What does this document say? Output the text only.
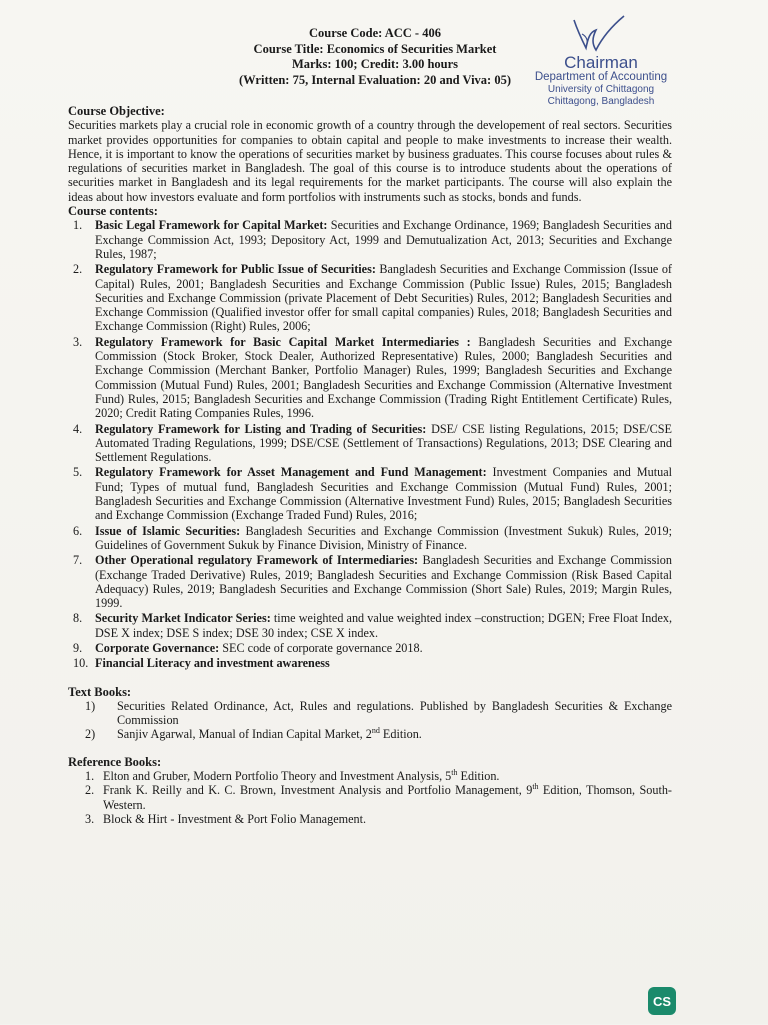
Course Code: ACC - 406
Course Title: Economics of Securities Market
Marks: 100; Credit: 3.00 hours
(Written: 75, Internal Evaluation: 20 and Viva: 05)
Chairman
Department of Accounting
University of Chittagong
Chittagong, Bangladesh
Course Objective:

Securities markets play a crucial role in economic growth of a country through the developement of real sectors. Securities market provides opportunities for companies to obtain capital and people to make investments to increase their wealth. Hence, it is important to know the operations of securities market by business graduates. This course focuses about rules & regulations of securities market in Bangladesh. The goal of this course is to introduce students about the operations of securities market in Bangladesh and its legal requirements for the market participants. The course will also explain the ideas about how investors evaluate and form portfolios with instruments such as stocks, bonds and funds.

Course contents:
1. Basic Legal Framework for Capital Market: Securities and Exchange Ordinance, 1969; Bangladesh Securities and Exchange Commission Act, 1993; Depository Act, 1999 and Demutualization Act, 2013; Securities and Exchange Rules, 1987;
2. Regulatory Framework for Public Issue of Securities: Bangladesh Securities and Exchange Commission (Issue of Capital) Rules, 2001; Bangladesh Securities and Exchange Commission (Public Issue) Rules, 2015; Bangladesh Securities and Exchange Commission (private Placement of Debt Securities) Rules, 2012; Bangladesh Securities and Exchange Commission (Qualified investor offer for small capital companies) Rules, 2018; Bangladesh Securities and Exchange Commission (Right) Rules, 2006;
3. Regulatory Framework for Basic Capital Market Intermediaries : Bangladesh Securities and Exchange Commission (Stock Broker, Stock Dealer, Authorized Representative) Rules, 2000; Bangladesh Securities and Exchange Commission (Merchant Banker, Portfolio Manager) Rules, 1999; Bangladesh Securities and Exchange Commission (Mutual Fund) Rules, 2001; Bangladesh Securities and Exchange Commission (Alternative Investment Fund) Rules, 2015; Bangladesh Securities and Exchange Commission (Trading Right Entitlement Certificate) Rules, 2020; Credit Rating Companies Rules, 1996.
4. Regulatory Framework for Listing and Trading of Securities: DSE/ CSE listing Regulations, 2015; DSE/CSE Automated Trading Regulations, 1999; DSE/CSE (Settlement of Transactions) Regulations, 2013; DSE Clearing and Settlement Regulations.
5. Regulatory Framework for Asset Management and Fund Management: Investment Companies and Mutual Fund; Types of mutual fund, Bangladesh Securities and Exchange Commission (Mutual Fund) Rules, 2001; Bangladesh Securities and Exchange Commission (Alternative Investment Fund) Rules, 2015; Bangladesh Securities and Exchange Commission (Exchange Traded Fund) Rules, 2016;
6. Issue of Islamic Securities: Bangladesh Securities and Exchange Commission (Investment Sukuk) Rules, 2019; Guidelines of Government Sukuk by Finance Division, Ministry of Finance.
7. Other Operational regulatory Framework of Intermediaries: Bangladesh Securities and Exchange Commission (Exchange Traded Derivative) Rules, 2019; Bangladesh Securities and Exchange Commission (Risk Based Capital Adequacy) Rules, 2019; Bangladesh Securities and Exchange Commission (Short Sale) Rules, 2019; Margin Rules, 1999.
8. Security Market Indicator Series: time weighted and value weighted index –construction; DGEN; Free Float Index, DSE X index; DSE S index; DSE 30 index; CSE X index.
9. Corporate Governance: SEC code of corporate governance 2018.
10. Financial Literacy and investment awareness
Text Books:
1) Securities Related Ordinance, Act, Rules and regulations. Published by Bangladesh Securities & Exchange Commission
2) Sanjiv Agarwal, Manual of Indian Capital Market, 2nd Edition.
Reference Books:
1. Elton and Gruber, Modern Portfolio Theory and Investment Analysis, 5th Edition.
2. Frank K. Reilly and K. C. Brown, Investment Analysis and Portfolio Management, 9th Edition, Thomson, South-Western.
3. Block & Hirt - Investment & Port Folio Management.
CS
